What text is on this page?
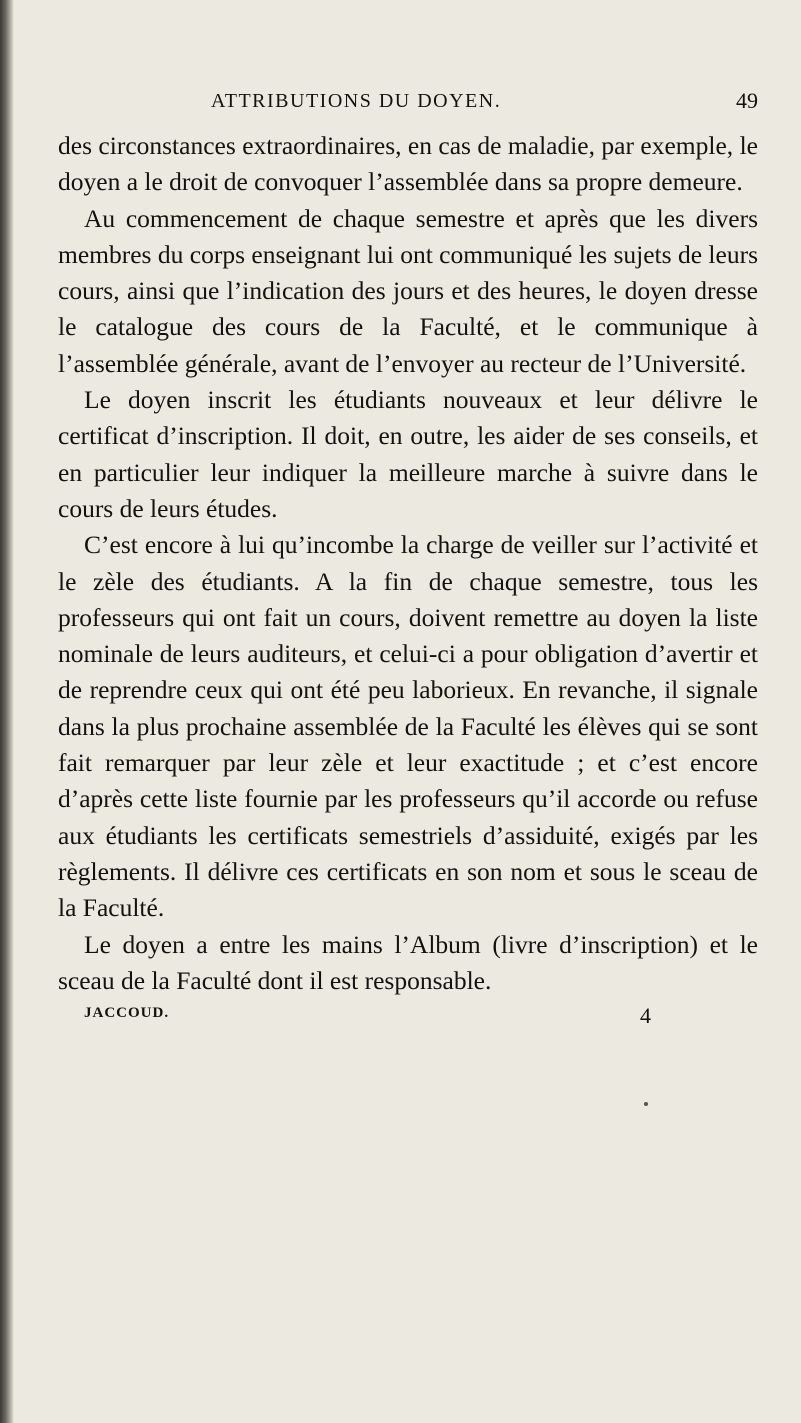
ATTRIBUTIONS DU DOYEN.	49

des circonstances extraordinaires, en cas de maladie, par exemple, le doyen a le droit de convoquer l’assemblée dans sa propre demeure.

Au commencement de chaque semestre et après que les divers membres du corps enseignant lui ont communiqué les sujets de leurs cours, ainsi que l’indication des jours et des heures, le doyen dresse le catalogue des cours de la Faculté, et le communique à l’assemblée générale, avant de l’envoyer au recteur de l’Université.

Le doyen inscrit les étudiants nouveaux et leur délivre le certificat d’inscription. Il doit, en outre, les aider de ses conseils, et en particulier leur indiquer la meilleure marche à suivre dans le cours de leurs études.

C’est encore à lui qu’incombe la charge de veiller sur l’activité et le zèle des étudiants. A la fin de chaque semestre, tous les professeurs qui ont fait un cours, doivent remettre au doyen la liste nominale de leurs auditeurs, et celui-ci a pour obligation d’avertir et de reprendre ceux qui ont été peu laborieux. En revanche, il signale dans la plus prochaine assemblée de la Faculté les élèves qui se sont fait remarquer par leur zèle et leur exactitude ; et c’est encore d’après cette liste fournie par les professeurs qu’il accorde ou refuse aux étudiants les certificats semestriels d’assiduité, exigés par les règlements. Il délivre ces certificats en son nom et sous le sceau de la Faculté.

Le doyen a entre les mains l’Album (livre d’inscription) et le sceau de la Faculté dont il est responsable.

JACCOUD.	4
